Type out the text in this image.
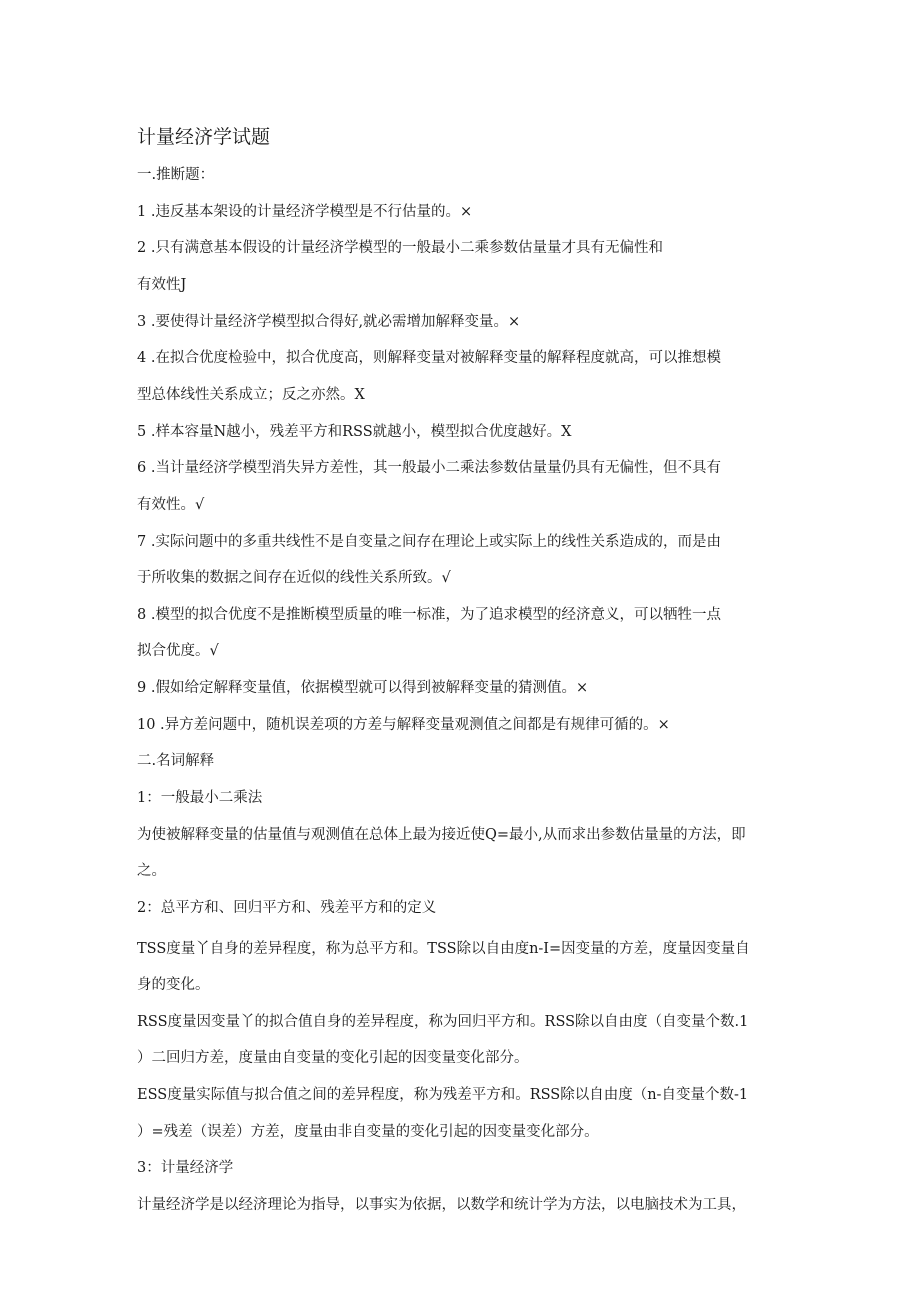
计量经济学试题
一.推断题：
1 .违反基本架设的计量经济学模型是不行估量的。×
2 .只有满意基本假设的计量经济学模型的一般最小二乘参数估量量才具有无偏性和
有效性J
3 .要使得计量经济学模型拟合得好,就必需增加解释变量。×
4 .在拟合优度检验中，拟合优度高，则解释变量对被解释变量的解释程度就高，可以推想模
型总体线性关系成立；反之亦然。X
5 .样本容量N越小，残差平方和RSS就越小，模型拟合优度越好。X
6 .当计量经济学模型消失异方差性，其一般最小二乘法参数估量量仍具有无偏性，但不具有
有效性。√
7 .实际问题中的多重共线性不是自变量之间存在理论上或实际上的线性关系造成的，而是由
于所收集的数据之间存在近似的线性关系所致。√
8 .模型的拟合优度不是推断模型质量的唯一标准，为了追求模型的经济意义，可以牺牲一点
拟合优度。√
9 .假如给定解释变量值，依据模型就可以得到被解释变量的猜测值。×
10 .异方差问题中，随机误差项的方差与解释变量观测值之间都是有规律可循的。×
二.名词解释
1：一般最小二乘法
为使被解释变量的估量值与观测值在总体上最为接近使Q=最小,从而求出参数估量量的方法，即
之。
2：总平方和、回归平方和、残差平方和的定义
TSS度量丫自身的差异程度，称为总平方和。TSS除以自由度n-I=因变量的方差，度量因变量自
身的变化。
RSS度量因变量丫的拟合值自身的差异程度，称为回归平方和。RSS除以自由度（自变量个数.1
）二回归方差，度量由自变量的变化引起的因变量变化部分。
ESS度量实际值与拟合值之间的差异程度，称为残差平方和。RSS除以自由度（n-自变量个数-1
）=残差（误差）方差，度量由非自变量的变化引起的因变量变化部分。
3：计量经济学
计量经济学是以经济理论为指导，以事实为依据，以数学和统计学为方法，以电脑技术为工具，
